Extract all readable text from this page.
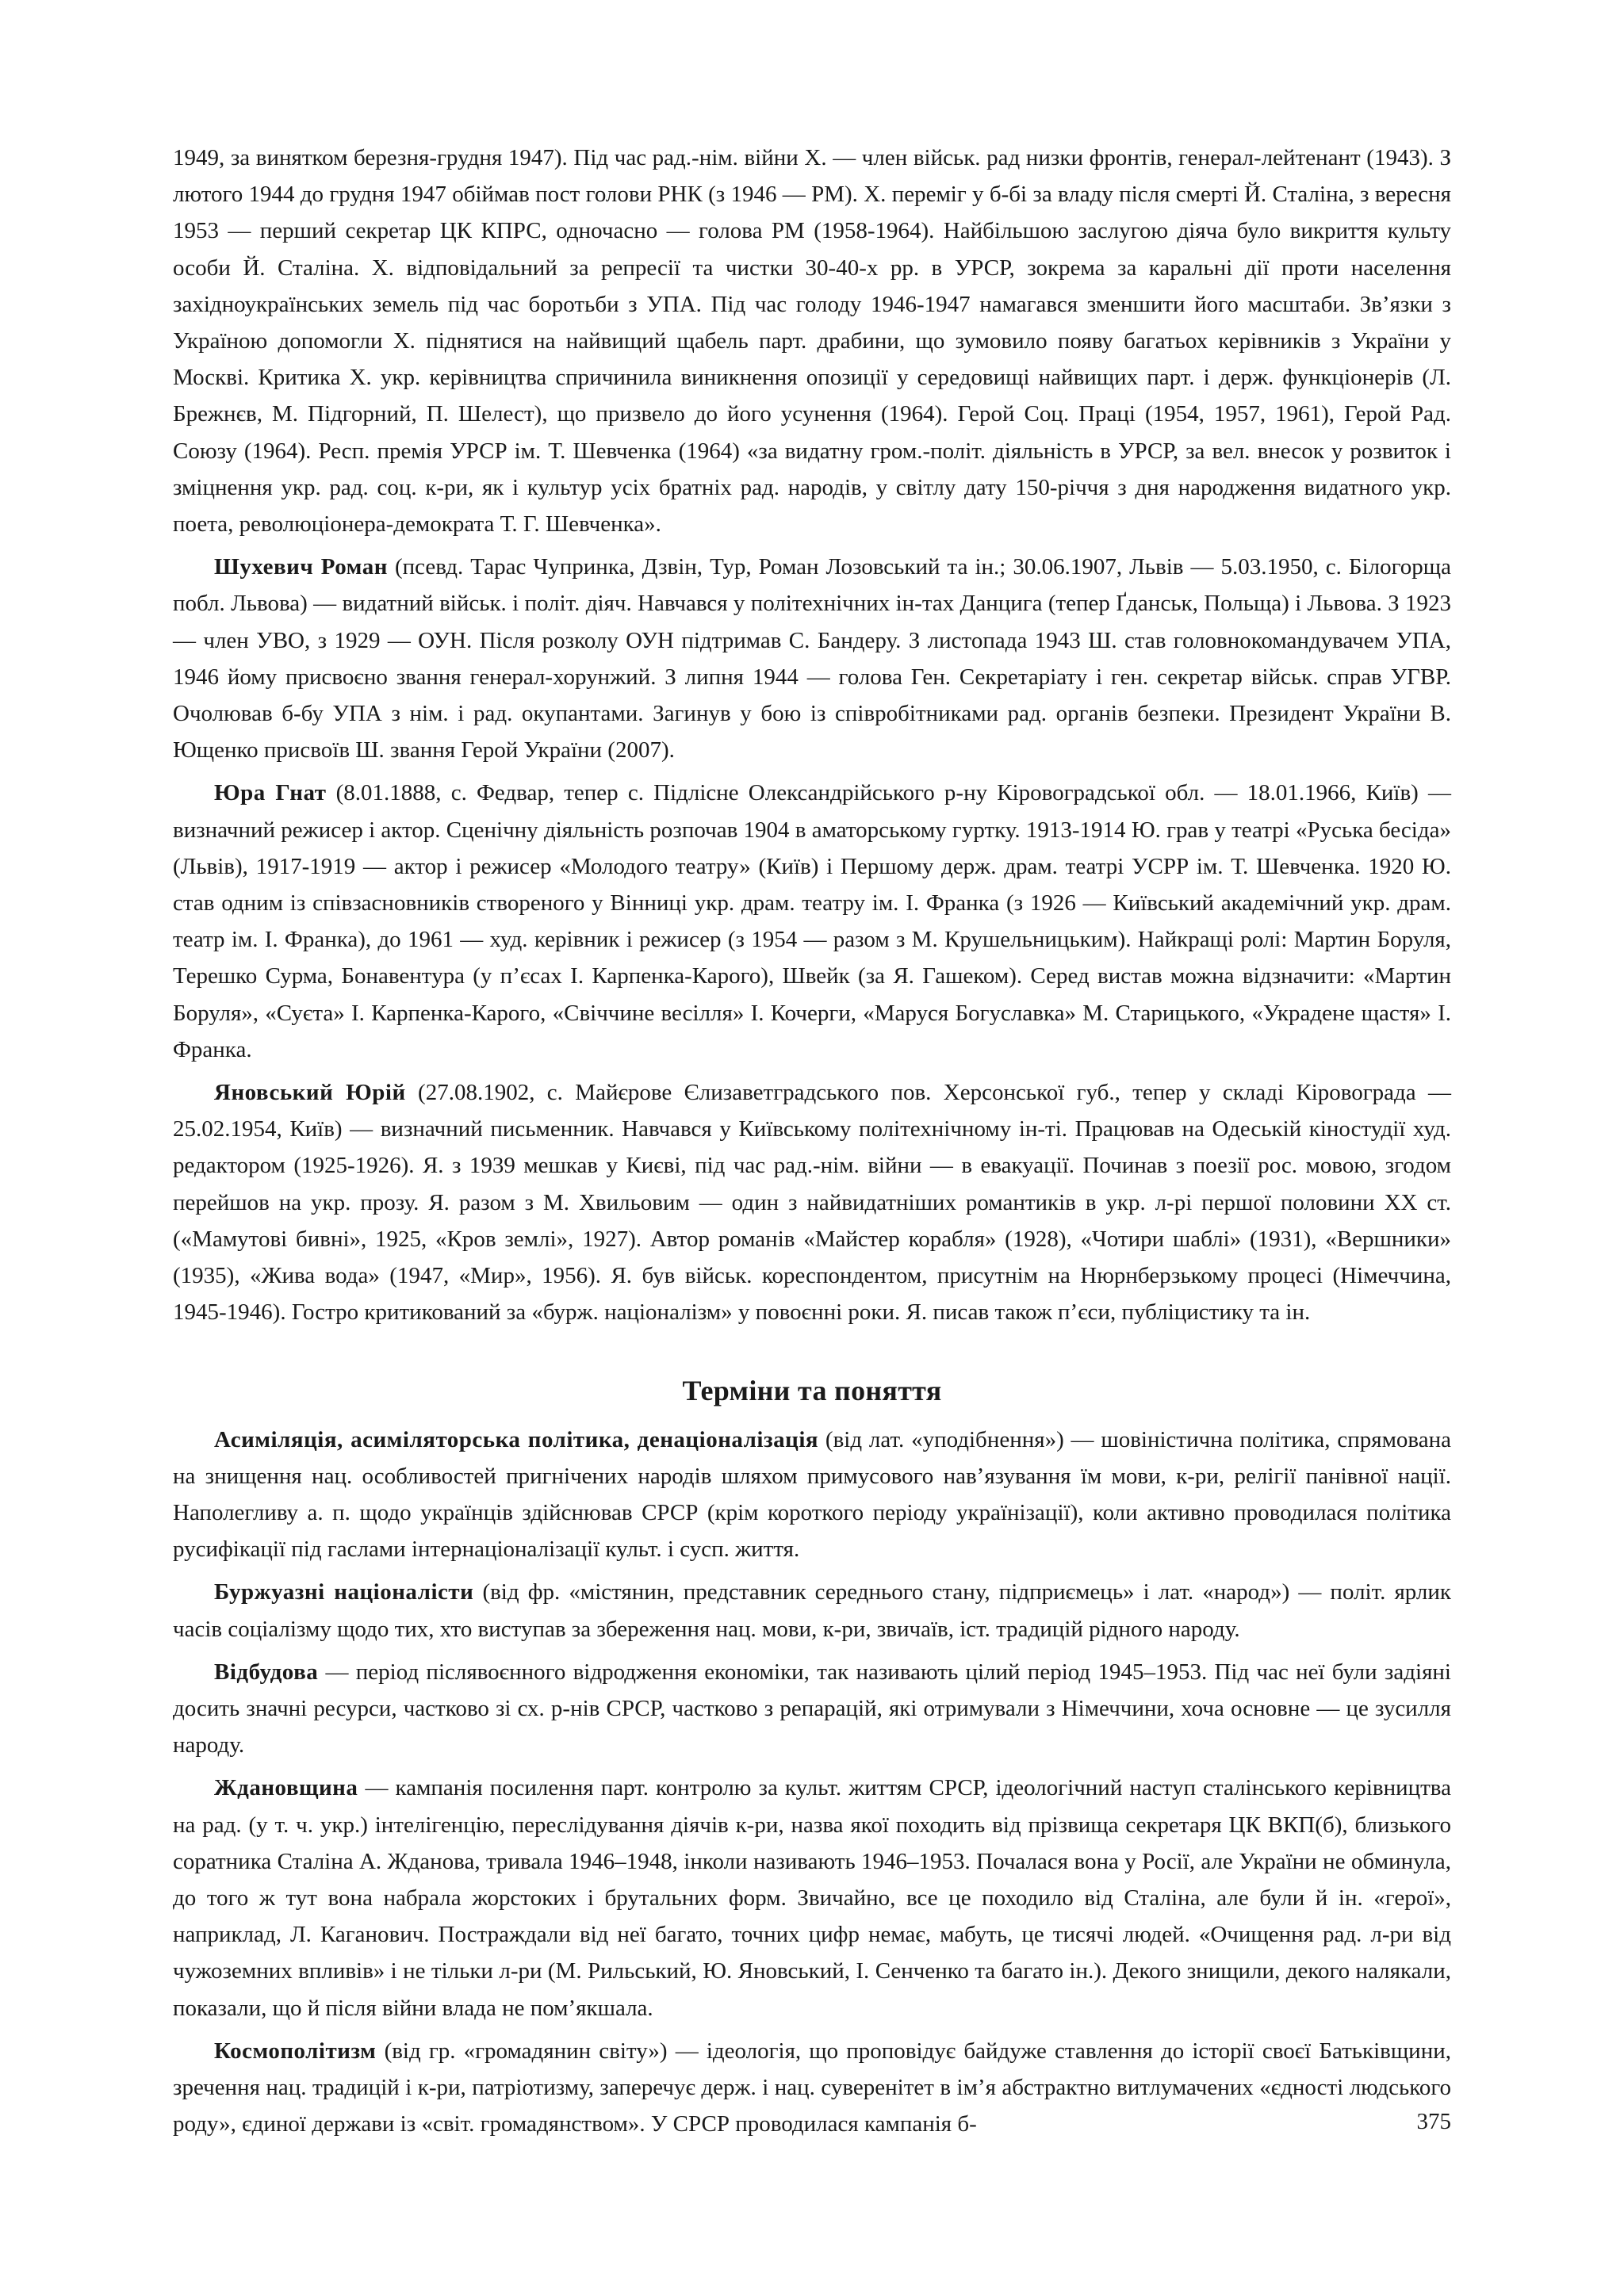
1949, за винятком березня-грудня 1947). Під час рад.-нім. війни Х. — член військ. рад низки фронтів, генерал-лейтенант (1943). З лютого 1944 до грудня 1947 обіймав пост голови РНК (з 1946 — РМ). Х. переміг у б-бі за владу після смерті Й. Сталіна, з вересня 1953 — перший секретар ЦК КПРС, одночасно — голова РМ (1958-1964). Найбільшою заслугою діяча було викриття культу особи Й. Сталіна. Х. відповідальний за репресії та чистки 30-40-х рр. в УРСР, зокрема за каральні дії проти населення західноукраїнських земель під час боротьби з УПА. Під час голоду 1946-1947 намагався зменшити його масштаби. Зв’язки з Україною допомогли Х. піднятися на найвищий щабель парт. драбини, що зумовило появу багатьох керівників з України у Москві. Критика Х. укр. керівництва спричинила виникнення опозиції у середовищі найвищих парт. і держ. функціонерів (Л. Брежнєв, М. Підгорний, П. Шелест), що призвело до його усунення (1964). Герой Соц. Праці (1954, 1957, 1961), Герой Рад. Союзу (1964). Респ. премія УРСР ім. Т. Шевченка (1964) «за видатну гром.-політ. діяльність в УРСР, за вел. внесок у розвиток і зміцнення укр. рад. соц. к-ри, як і культур усіх братніх рад. народів, у світлу дату 150-річчя з дня народження видатного укр. поета, революціонера-демократа Т. Г. Шевченка».

Шухевич Роман (псевд. Тарас Чупринка, Дзвін, Тур, Роман Лозовський та ін.; 30.06.1907, Львів — 5.03.1950, с. Білогорща побл. Львова) — видатний військ. і політ. діяч. Навчався у політехнічних ін-тах Данцига (тепер Ґданськ, Польща) і Львова. З 1923 — член УВО, з 1929 — ОУН. Після розколу ОУН підтримав С. Бандеру. З листопада 1943 Ш. став головнокомандувачем УПА, 1946 йому присвоєно звання генерал-хорунжий. З липня 1944 — голова Ген. Секретаріату і ген. секретар військ. справ УГВР. Очолював б-бу УПА з нім. і рад. окупантами. Загинув у бою із співробітниками рад. органів безпеки. Президент України В. Ющенко присвоїв Ш. звання Герой України (2007).

Юра Гнат (8.01.1888, с. Федвар, тепер с. Підлісне Олександрійського р-ну Кіровоградської обл. — 18.01.1966, Київ) — визначний режисер і актор. Сценічну діяльність розпочав 1904 в аматорському гуртку. 1913-1914 Ю. грав у театрі «Руська бесіда» (Львів), 1917-1919 — актор і режисер «Молодого театру» (Київ) і Першому держ. драм. театрі УСРР ім. Т. Шевченка. 1920 Ю. став одним із співзасновників створеного у Вінниці укр. драм. театру ім. І. Франка (з 1926 — Київський академічний укр. драм. театр ім. І. Франка), до 1961 — худ. керівник і режисер (з 1954 — разом з М. Крушельницьким). Найкращі ролі: Мартин Боруля, Терешко Сурма, Бонавентура (у п’єсах І. Карпенка-Карого), Швейк (за Я. Гашеком). Серед вистав можна відзначити: «Мартин Боруля», «Суєта» І. Карпенка-Карого, «Свіччине весілля» І. Кочерги, «Маруся Богуславка» М. Старицького, «Украдене щастя» І. Франка.

Яновський Юрій (27.08.1902, с. Майєрове Єлизаветградського пов. Херсонської губ., тепер у складі Кіровограда — 25.02.1954, Київ) — визначний письменник. Навчався у Київському політехнічному ін-ті. Працював на Одеській кіностудії худ. редактором (1925-1926). Я. з 1939 мешкав у Києві, під час рад.-нім. війни — в евакуації. Починав з поезії рос. мовою, згодом перейшов на укр. прозу. Я. разом з М. Хвильовим — один з найвидатніших романтиків в укр. л-рі першої половини XX ст. («Мамутові бивні», 1925, «Кров землі», 1927). Автор романів «Майстер корабля» (1928), «Чотири шаблі» (1931), «Вершники» (1935), «Жива вода» (1947, «Мир», 1956). Я. був військ. кореспондентом, присутнім на Нюрнберзькому процесі (Німеччина, 1945-1946). Гостро критикований за «бурж. націоналізм» у повоєнні роки. Я. писав також п’єси, публіцистику та ін.

Терміни та поняття

Асиміляція, асиміляторська політика, денаціоналізація (від лат. «уподібнення») — шовіністична політика, спрямована на знищення нац. особливостей пригнічених народів шляхом примусового нав’язування їм мови, к-ри, релігії панівної нації. Наполегливу а. п. щодо українців здійснював СРСР (крім короткого періоду українізації), коли активно проводилася політика русифікації під гаслами інтернаціоналізації культ. і сусп. життя.

Буржуазні націоналісти (від фр. «містянин, представник середнього стану, підприємець» і лат. «народ») — політ. ярлик часів соціалізму щодо тих, хто виступав за збереження нац. мови, к-ри, звичаїв, іст. традицій рідного народу.

Відбудова — період післявоєнного відродження економіки, так називають цілий період 1945–1953. Під час неї були задіяні досить значні ресурси, частково зі сх. р-нів СРСР, частково з репарацій, які отримували з Німеччини, хоча основне — це зусилля народу.

Ждановщина — кампанія посилення парт. контролю за культ. життям СРСР, ідеологічний наступ сталінського керівництва на рад. (у т. ч. укр.) інтелігенцію, переслідування діячів к-ри, назва якої походить від прізвища секретаря ЦК ВКП(б), близького соратника Сталіна А. Жданова, тривала 1946–1948, інколи називають 1946–1953. Почалася вона у Росії, але України не обминула, до того ж тут вона набрала жорстоких і брутальних форм. Звичайно, все це походило від Сталіна, але були й ін. «герої», наприклад, Л. Каганович. Постраждали від неї багато, точних цифр немає, мабуть, це тисячі людей. «Очищення рад. л-ри від чужоземних впливів» і не тільки л-ри (М. Рильський, Ю. Яновський, І. Сенченко та багато ін.). Декого знищили, декого налякали, показали, що й після війни влада не пом’якшала.

Космополітизм (від гр. «громадянин світу») — ідеологія, що проповідує байдуже ставлення до історії своєї Батьківщини, зречення нац. традицій і к-ри, патріотизму, заперечує держ. і нац. суверенітет в ім’я абстрактно витлумачених «єдності людського роду», єдиної держави із «світ. громадянством». У СРСР проводилася кампанія б-	375
